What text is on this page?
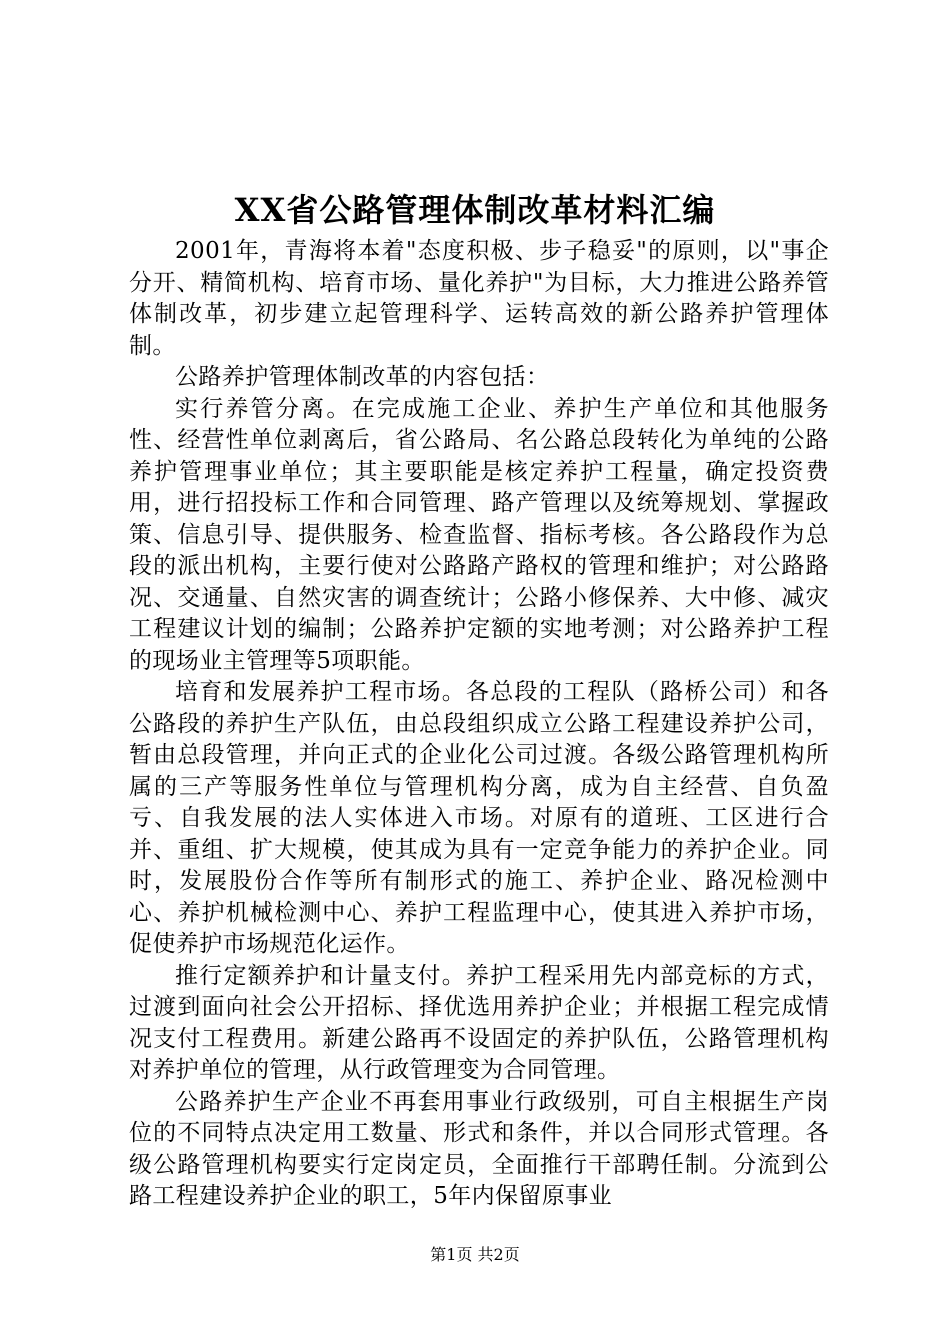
XX省公路管理体制改革材料汇编

2001年，青海将本着"态度积极、步子稳妥"的原则，以"事企分开、精简机构、培育市场、量化养护"为目标，大力推进公路养管体制改革，初步建立起管理科学、运转高效的新公路养护管理体制。

公路养护管理体制改革的内容包括：

实行养管分离。在完成施工企业、养护生产单位和其他服务性、经营性单位剥离后，省公路局、名公路总段转化为单纯的公路养护管理事业单位；其主要职能是核定养护工程量，确定投资费用，进行招投标工作和合同管理、路产管理以及统筹规划、掌握政策、信息引导、提供服务、检查监督、指标考核。各公路段作为总段的派出机构，主要行使对公路路产路权的管理和维护；对公路路况、交通量、自然灾害的调查统计；公路小修保养、大中修、减灾工程建议计划的编制；公路养护定额的实地考测；对公路养护工程的现场业主管理等5项职能。

培育和发展养护工程市场。各总段的工程队（路桥公司）和各公路段的养护生产队伍，由总段组织成立公路工程建设养护公司，暂由总段管理，并向正式的企业化公司过渡。各级公路管理机构所属的三产等服务性单位与管理机构分离，成为自主经营、自负盈亏、自我发展的法人实体进入市场。对原有的道班、工区进行合并、重组、扩大规模，使其成为具有一定竞争能力的养护企业。同时，发展股份合作等所有制形式的施工、养护企业、路况检测中心、养护机械检测中心、养护工程监理中心，使其进入养护市场，促使养护市场规范化运作。

推行定额养护和计量支付。养护工程采用先内部竞标的方式，过渡到面向社会公开招标、择优选用养护企业；并根据工程完成情况支付工程费用。新建公路再不设固定的养护队伍，公路管理机构对养护单位的管理，从行政管理变为合同管理。

公路养护生产企业不再套用事业行政级别，可自主根据生产岗位的不同特点决定用工数量、形式和条件，并以合同形式管理。各级公路管理机构要实行定岗定员，全面推行干部聘任制。分流到公路工程建设养护企业的职工，5年内保留原事业

第1页 共2页
